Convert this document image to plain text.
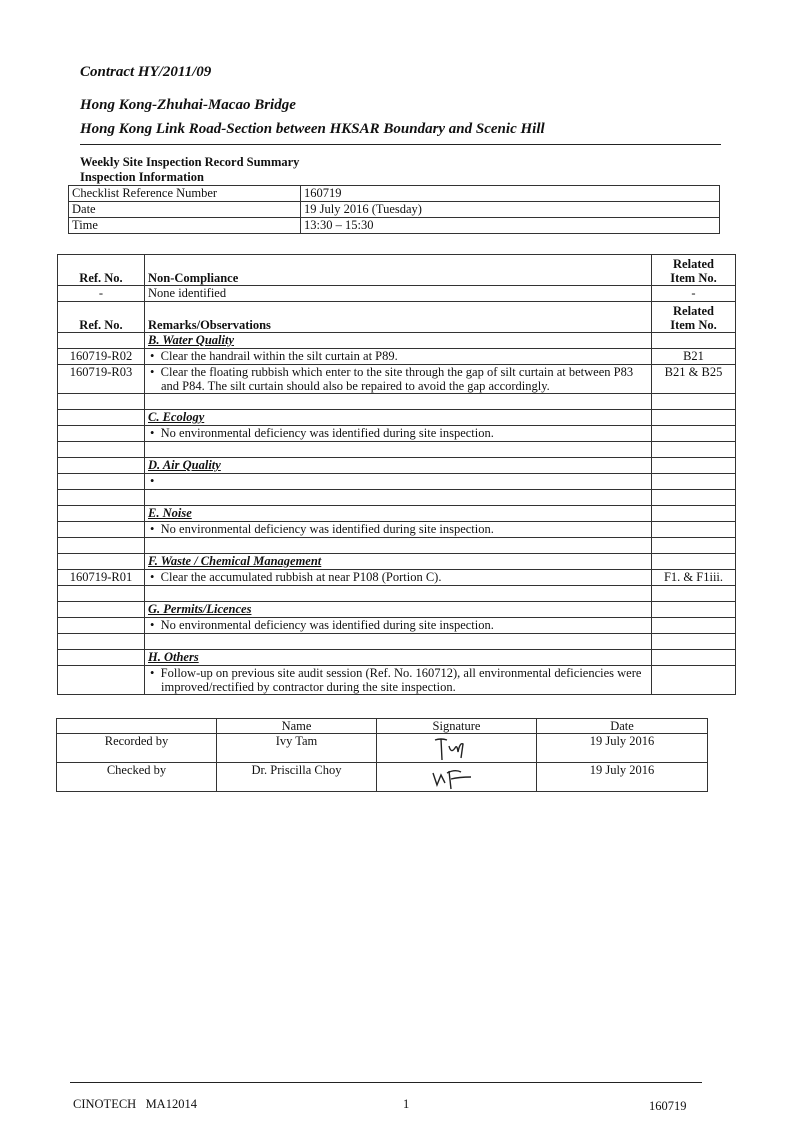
Contract HY/2011/09
Hong Kong-Zhuhai-Macao Bridge
Hong Kong Link Road-Section between HKSAR Boundary and Scenic Hill
Weekly Site Inspection Record Summary
Inspection Information
Checklist Reference Number	160719
Date	19 July 2016 (Tuesday)
Time	13:30 – 15:30
Ref. No.	Non-Compliance	Related
Item No.
-	None identified	-
Ref. No.	Remarks/Observations	Related
Item No.
	B. Water Quality	
160719-R02	• Clear the handrail within the silt curtain at P89.	B21
160719-R03	• Clear the floating rubbish which enter to the site through the gap of silt curtain at between P83 and P84. The silt curtain should also be repaired to avoid the gap accordingly.	B21 & B25

	C. Ecology	
	• No environmental deficiency was identified during site inspection.	

	D. Air Quality	
	•	

	E. Noise	
	• No environmental deficiency was identified during site inspection.	

	F. Waste / Chemical Management	
160719-R01	• Clear the accumulated rubbish at near P108 (Portion C).	F1. & F1iii.

	G. Permits/Licences	
	• No environmental deficiency was identified during site inspection.	

	H. Others	
	• Follow-up on previous site audit session (Ref. No. 160712), all environmental deficiencies were improved/rectified by contractor during the site inspection.	
	Name	Signature	Date
Recorded by	Ivy Tam		19 July 2016
Checked by	Dr. Priscilla Choy		19 July 2016
CINOTECH   MA12014	1	160719
